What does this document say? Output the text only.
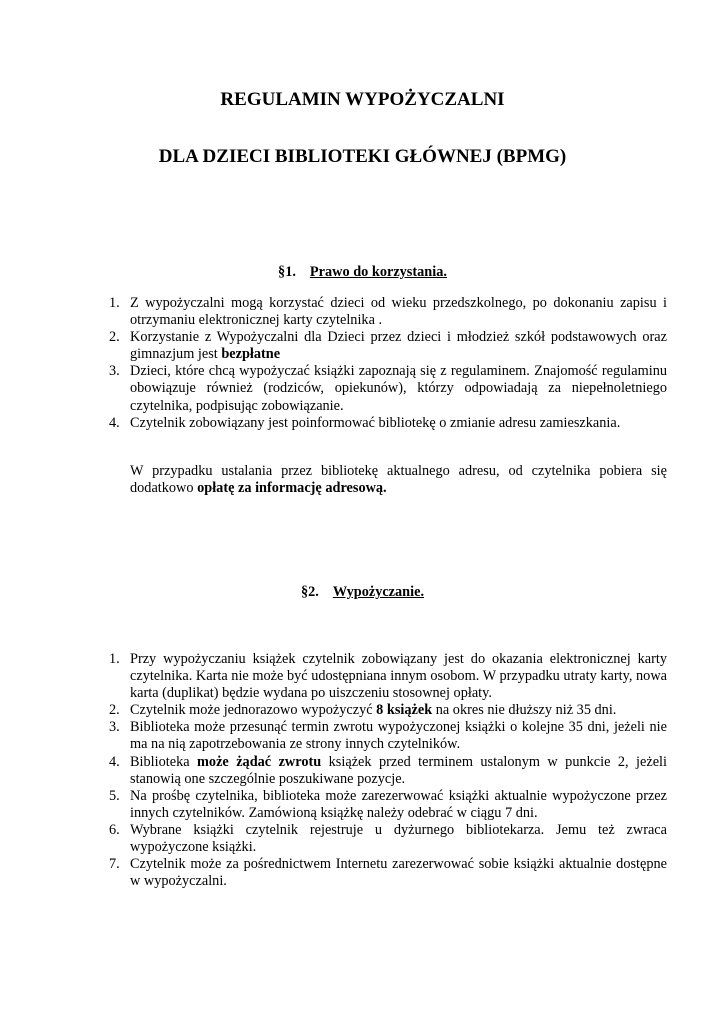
REGULAMIN WYPOŻYCZALNI
DLA DZIECI BIBLIOTEKI GŁÓWNEJ (BPMG)
§1. Prawo do korzystania.
1. Z wypożyczalni mogą korzystać dzieci od wieku przedszkolnego, po dokonaniu zapisu i otrzymaniu elektronicznej karty czytelnika .
2. Korzystanie z Wypożyczalni dla Dzieci przez dzieci i młodzież szkół podstawowych oraz gimnazjum jest bezpłatne
3. Dzieci, które chcą wypożyczać książki zapoznają się z regulaminem. Znajomość regulaminu obowiązuje również (rodziców, opiekunów), którzy odpowiadają za niepełnoletniego czytelnika, podpisując zobowiązanie.
4. Czytelnik zobowiązany jest poinformować bibliotekę o zmianie adresu zamieszkania.

W przypadku ustalania przez bibliotekę aktualnego adresu, od czytelnika pobiera się dodatkowo opłatę za informację adresową.

§2. Wypożyczanie.
1. Przy wypożyczaniu książek czytelnik zobowiązany jest do okazania elektronicznej karty czytelnika. Karta nie może być udostępniana innym osobom. W przypadku utraty karty, nowa karta (duplikat) będzie wydana po uiszczeniu stosownej opłaty.
2. Czytelnik może jednorazowo wypożyczyć 8 książek na okres nie dłuższy niż 35 dni.
3. Biblioteka może przesunąć termin zwrotu wypożyczonej książki o kolejne 35 dni, jeżeli nie ma na nią zapotrzebowania ze strony innych czytelników.
4. Biblioteka może żądać zwrotu książek przed terminem ustalonym w punkcie 2, jeżeli stanowią one szczególnie poszukiwane pozycje.
5. Na prośbę czytelnika, biblioteka może zarezerwować książki aktualnie wypożyczone przez innych czytelników. Zamówioną książkę należy odebrać w ciągu 7 dni.
6. Wybrane książki czytelnik rejestruje u dyżurnego bibliotekarza. Jemu też zwraca wypożyczone książki.
7. Czytelnik może za pośrednictwem Internetu zarezerwować sobie książki aktualnie dostępne w wypożyczalni.
